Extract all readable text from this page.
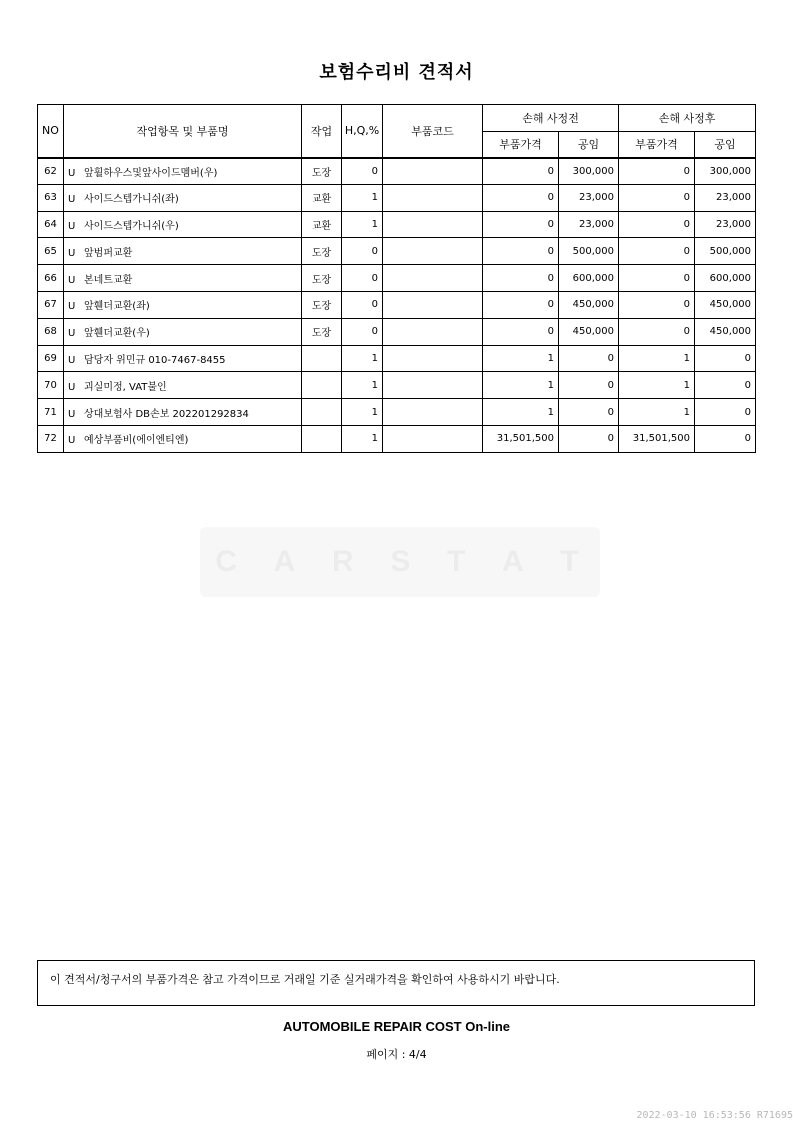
보험수리비 견적서
NO	작업항목 및 부품명	작업	H,Q,%	부품코드	손해 사정전		손해 사정후	
					부품가격	공임	부품가격	공임
62	U 앞휠하우스및앞사이드멤버(우)	도장	0		0	300,000	0	300,000
63	U 사이드스텝가니쉬(좌)	교환	1		0	23,000	0	23,000
64	U 사이드스텝가니쉬(우)	교환	1		0	23,000	0	23,000
65	U 앞범퍼교환	도장	0		0	500,000	0	500,000
66	U 본네트교환	도장	0		0	600,000	0	600,000
67	U 앞휀더교환(좌)	도장	0		0	450,000	0	450,000
68	U 앞휀더교환(우)	도장	0		0	450,000	0	450,000
69	U 담당자 위민규 010-7467-8455		1		1	0	1	0
70	U 괴실미정, VAT불인		1		1	0	1	0
71	U 상대보험사 DB손보 202201292834		1		1	0	1	0
72	U 예상부품비(에이엔티엔)		1		31,501,500	0	31,501,500	0
C A R S T A T
이 견적서/청구서의 부품가격은 참고 가격이므로 거래일 기준 실거래가격을 확인하여 사용하시기 바랍니다.
AUTOMOBILE REPAIR COST On-line
페이지 : 4/4
2022-03-10 16:53:56 R71695
